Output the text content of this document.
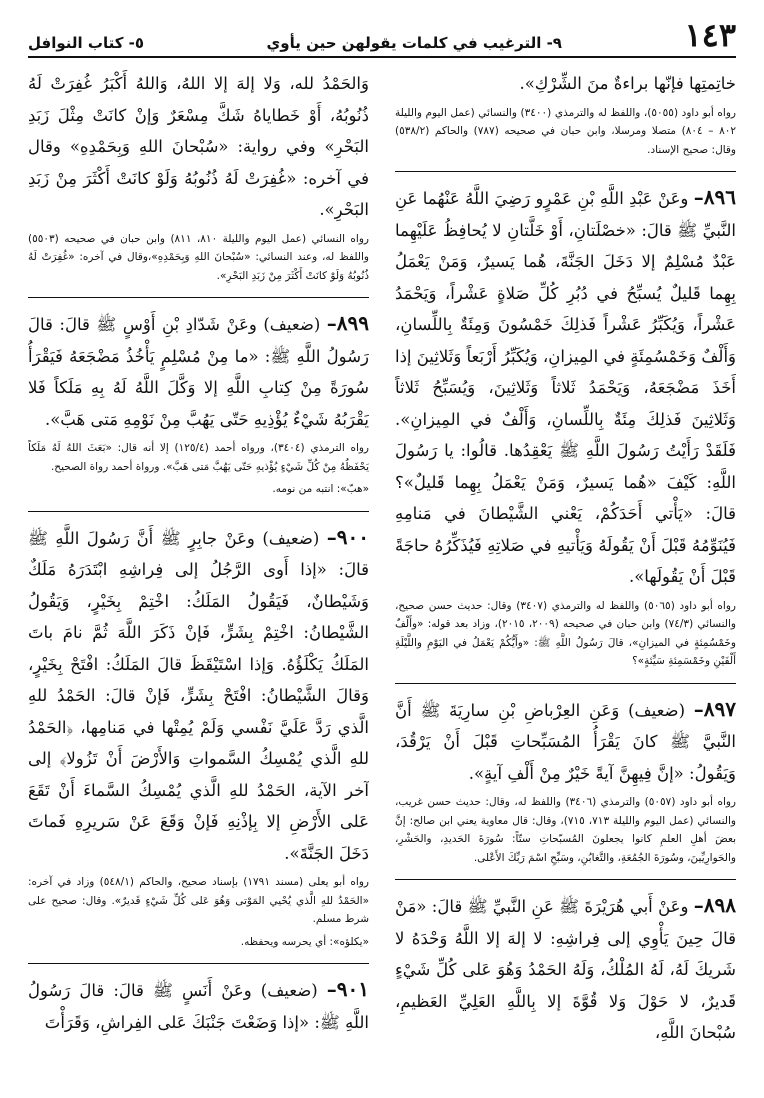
١٤٣
٩- الترغيب في كلمات يقولهن حين يأوي
٥- كتاب النوافل

خاتِمتِها فإنّها براءةٌ منَ الشِّرْكِ».

رواه أبو داود (٥٠٥٥)، واللفظ له والترمذي (٣٤٠٠) والنسائي (عمل اليوم والليلة ٨٠٢ – ٨٠٤) متصلا ومرسلا، وابن حبان في صحيحه (٧٨٧) والحاكم (٥٣٨/٢) وقال: صحيح الإسناد.

٨٩٦– وعَنْ عَبْدِ اللَّهِ بْنِ عَمْرٍو رَضِيَ اللَّهُ عَنْهُما عَنِ النَّبيِّ ﷺ قالَ: «خصْلَتانِ، أَوْ خَلَّتانِ لا يُحافِظُ عَلَيْهِما عَبْدٌ مُسْلِمٌ إلا دَخَلَ الجَنَّةَ، هُما يَسيرٌ، وَمَنْ يَعْمَلُ بِهِما قَليلٌ يُسبِّحُ في دُبُرِ كُلِّ صَلاةٍ عَشْراً، وَيَحْمَدُ عَشْراً، وَيُكَبِّرُ عَشْراً فَذلِكَ خَمْسُونَ وَمِئَةٌ بِاللِّسانِ، وَأَلْفٌ وَخَمْسُمِئَةٍ في المِيزانِ، وَيُكَبِّرُ أَرْبَعاً وَثَلاثِينَ إذا أَخَذَ مَضْجَعَهُ، وَيَحْمَدُ ثَلاثاً وَثَلاثِينَ، وَيُسَبِّحُ ثَلاثاً وَثَلاثِينَ فَذلِكَ مِئَةٌ بِاللِّسانِ، وَأَلْفٌ في المِيزانِ». فَلَقَدْ رَأَيْتُ رَسُولَ اللَّهِ ﷺ يَعْقِدُها. قالُوا: يا رَسُولَ اللَّهِ: كَيْفَ «هُما يَسيرٌ، وَمَنْ يَعْمَلُ بِهِما قَليلٌ»؟ قالَ: «يَأْتي أَحَدَكُمْ، يَعْني الشَّيْطانَ في مَنامِهِ فَيُنَوِّمُهُ قَبْلَ أَنْ يَقُولَهُ وَيَأْتيهِ في صَلاتِهِ فَيُذَكِّرُهُ حاجَةً قَبْلَ أَنْ يَقُولَها».

رواه أبو داود (٥٠٦٥) واللفظ له والترمذي (٣٤٠٧) وقال: حديث حسن صحيح، والنسائي (٧٤/٣) وابن حبان في صحيحه (٢٠٠٩، ٢٠١٥)، وزاد بعد قوله: «وأَلْفٌ وخَمْسُمِئةٍ في الميزانِ»، قالَ رَسُولُ اللَّهِ ﷺ: «وأَيُّكُمْ يَعْمَلُ في اليَوْمِ واللَّيْلَةِ أَلْفَيْنِ وخَمْسَمِئةِ سَيِّئةٍ»؟

٨٩٧– (ضعيف) وَعَنِ العِرْباضِ بْنِ سارِيَةَ ﷺ أَنَّ النَّبيَّ ﷺ كانَ يَقْرَأُ المُسَبِّحاتِ قَبْلَ أَنْ يَرْقُدَ، وَيَقُولُ: «إنَّ فِيهِنَّ آيةً خَيْرٌ مِنْ أَلْفِ آيةٍ».

رواه أبو داود (٥٠٥٧) والترمذي (٣٤٠٦) واللفظ له، وقال: حديث حسن غريب، والنسائي (عمل اليوم والليلة ٧١٣، ٧١٥)، وقال: قال معاوية يعني ابن صالح: إنَّ بعضَ أهلِ العلمِ كانوا يجعلونَ المُسبّحاتِ ستّاً: سُورَةَ الحَديدِ، والحَشْرِ، والحَوارِيِّينَ، وسُورَةَ الجُمُعَةِ، والتَّغابُنِ، وسَبِّحِ اسْمَ رَبِّكَ الأَعْلى.

٨٩٨– وعَنْ أَبي هُرَيْرَةَ ﷺ عَنِ النَّبيِّ ﷺ قالَ: «مَنْ قالَ حِينَ يَأْوِي إلى فِراشِهِ: لا إلهَ إلا اللَّهُ وَحْدَهُ لا شَريكَ لَهُ، لَهُ المُلْكُ، وَلَهُ الحَمْدُ وَهُوَ عَلى كُلِّ شَيْءٍ قَديرٌ، لا حَوْلَ وَلا قُوَّةَ إلا بِاللَّهِ العَلِيِّ العَظيمِ، سُبْحانَ اللَّهِ،

وَالحَمْدُ لله، وَلا إلهَ إلا اللهُ، وَاللهُ أَكْبَرُ غُفِرَتْ لَهُ ذُنُوبُهُ، أَوْ خَطاياهُ شَكَّ مِسْعَرٌ وَإنْ كانَتْ مِثْلَ زَبَدِ البَحْرِ» وفي رواية: «سُبْحانَ اللهِ وَبِحَمْدِهِ» وقال في آخره: «غُفِرَتْ لَهُ ذُنُوبُهُ وَلَوْ كانَتْ أَكْثَرَ مِنْ زَبَدِ البَحْرِ».

رواه النسائي (عمل اليوم والليلة ٨١٠، ٨١١) وابن حبان في صحيحه (٥٥٠٣) واللفظ له، وعند النسائي: «سُبْحانَ اللهِ وَبِحَمْدِهِ»،وقال في آخره: «غُفِرَتْ لَهُ ذُنُوبُهُ وَلَوْ كانَتْ أَكْثَرَ مِنْ زَبَدِ البَحْرِ».

٨٩٩– (ضعيف) وعَنْ شَدّادِ بْنِ أَوْسٍ ﷺ قالَ: قالَ رَسُولُ اللَّهِ ﷺ: «ما مِنْ مُسْلِمٍ يَأْخُذُ مَضْجَعَهُ فَيَقْرَأُ سُورَةً مِنْ كِتابِ اللَّهِ إلا وَكَّلَ اللَّهُ لَهُ بِهِ مَلَكاً فَلا يَقْرَبُهُ شَيْءٌ يُؤْذِيهِ حَتّى يَهُبَّ مِنْ نَوْمِهِ مَتى هَبَّ».

رواه الترمذي (٣٤٠٤)، ورواه أحمد (١٢٥/٤) إلا أنه قال: «بَعَثَ اللهُ لَهُ مَلَكاً يَحْفَظُهُ مِنْ كُلِّ شَيْءٍ يُؤْذيهِ حَتّى يَهُبَّ مَتى هَبَّ». ورواة أحمد رواة الصحيح.

«هبّ»: انتبه من نومه.

٩٠٠– (ضعيف) وعَنْ جابِرٍ ﷺ أَنَّ رَسُولَ اللَّهِ ﷺ قالَ: «إذا أَوى الرَّجُلُ إلى فِراشِهِ ابْتَدَرَهُ مَلَكٌ وَشَيْطانٌ، فَيَقُولُ المَلَكُ: اخْتِمْ بِخَيْرٍ، وَيَقُولُ الشَّيْطانُ: اخْتِمْ بِشَرٍّ، فَإنْ ذَكَرَ اللَّهَ ثُمَّ نامَ باتَ المَلَكُ يَكْلَؤُهُ. وَإذا اسْتَيْقَظَ قالَ المَلَكُ: افْتَحْ بِخَيْرٍ، وَقالَ الشَّيْطانُ: افْتَحْ بِشَرٍّ، فَإنْ قالَ: الحَمْدُ للهِ الَّذي رَدَّ عَلَيَّ نَفْسي وَلَمْ يُمِتْها في مَنامِها، ﴿الحَمْدُ للهِ الَّذي يُمْسِكُ السَّمواتِ وَالأَرْضَ أَنْ تَزُولا﴾ إلى آخر الآية، الحَمْدُ للهِ الَّذي يُمْسِكُ السَّماءَ أَنْ تَقَعَ عَلى الأَرْضِ إلا بِإذْنِهِ فَإنْ وَقَعَ عَنْ سَريرِهِ فَماتَ دَخَلَ الجَنَّةَ».

رواه أبو يعلى (مسند ١٧٩١) بإسناد صحيح، والحاكم (٥٤٨/١) وزاد في آخره: «الحَمْدُ للهِ الَّذي يُحْيي المَوْتى وَهُوَ عَلى كُلِّ شَيْءٍ قَديرٌ». وقال: صحيح على شرط مسلم.

«يكلؤه»: أي يحرسه ويحفظه.

٩٠١– (ضعيف) وعَنْ أَنَسٍ ﷺ قالَ: قالَ رَسُولُ اللَّهِ ﷺ: «إذا وَضَعْتَ جَنْبَكَ عَلى الفِراشِ، وَقَرَأْتَ
